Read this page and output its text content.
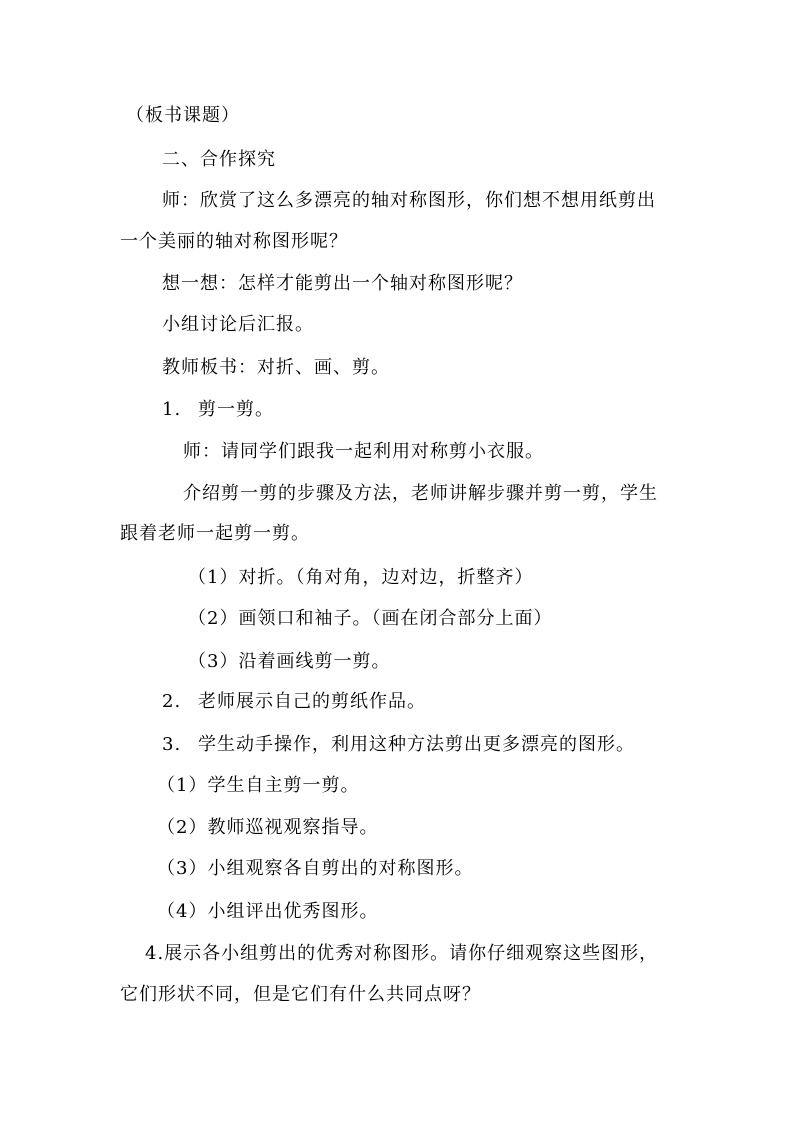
（板书课题）
二、合作探究
师：欣赏了这么多漂亮的轴对称图形，你们想不想用纸剪出
一个美丽的轴对称图形呢？
想一想：怎样才能剪出一个轴对称图形呢？
小组讨论后汇报。
教师板书：对折、画、剪。
1. 剪一剪。
师：请同学们跟我一起利用对称剪小衣服。
介绍剪一剪的步骤及方法，老师讲解步骤并剪一剪，学生
跟着老师一起剪一剪。
（1）对折。（角对角，边对边，折整齐）
（2）画领口和袖子。（画在闭合部分上面）
（3）沿着画线剪一剪。
2. 老师展示自己的剪纸作品。
3. 学生动手操作，利用这种方法剪出更多漂亮的图形。
（1）学生自主剪一剪。
（2）教师巡视观察指导。
（3）小组观察各自剪出的对称图形。
（4）小组评出优秀图形。
4.展示各小组剪出的优秀对称图形。请你仔细观察这些图形，
它们形状不同，但是它们有什么共同点呀？
